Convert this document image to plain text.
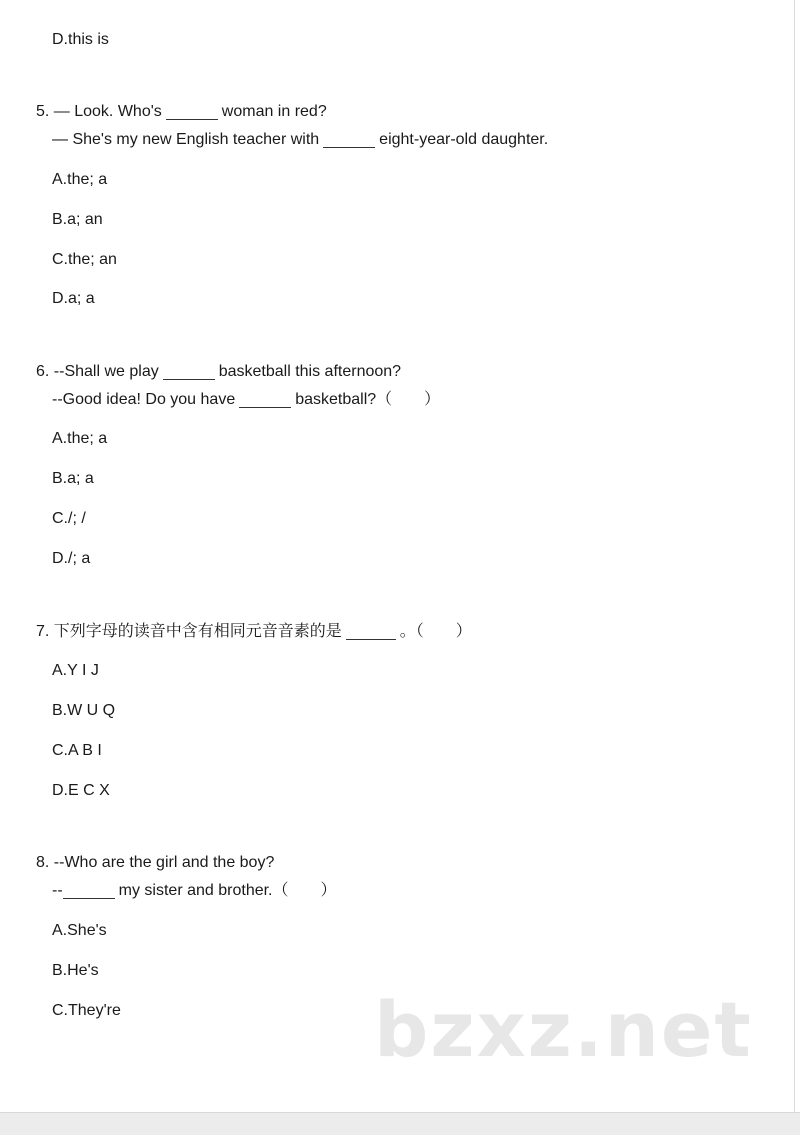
D.this is
5. — Look. Who's	woman in red?
— She's my new English teacher with	eight-year-old daughter.
A.the; a
B.a; an
C.the; an
D.a; a
6. --Shall we play	basketball this afternoon?
--Good idea! Do you have	basketball?（　　）
A.the; a
B.a; a
C./; /
D./; a
7. 下列字母的读音中含有相同元音音素的是	。（　　）
A.Y I J
B.W U Q
C.A B I
D.E C X
8. --Who are the girl and the boy?
--	my sister and brother.（　　）
A.She's
B.He's
C.They're	bzxz.net
